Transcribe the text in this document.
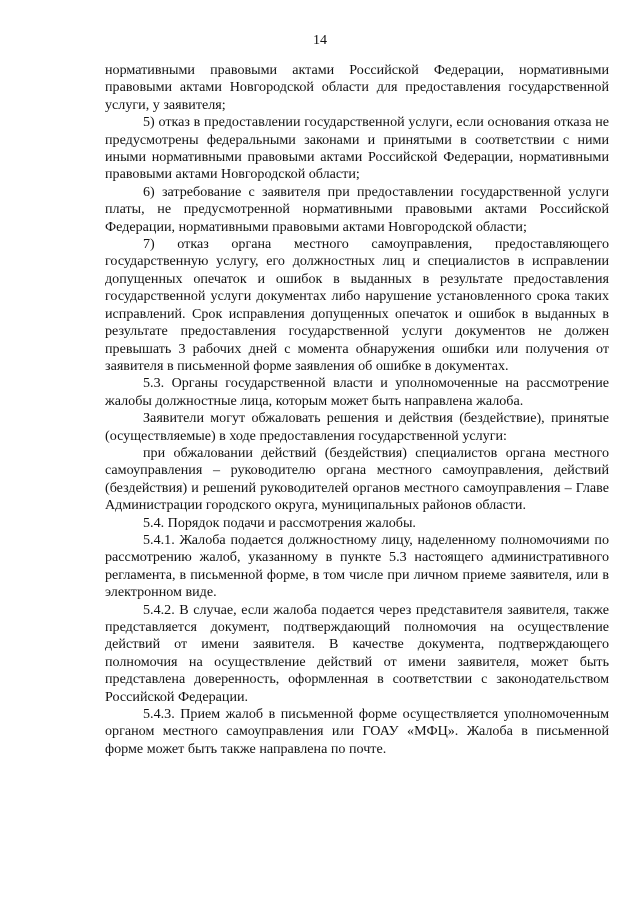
14

нормативными правовыми актами Российской Федерации, нормативными правовыми актами Новгородской области для предоставления государственной услуги, у заявителя;

5) отказ в предоставлении государственной услуги, если основания отказа не предусмотрены федеральными законами и принятыми в соответствии с ними иными нормативными правовыми актами Российской Федерации, нормативными правовыми актами Новгородской области;

6) затребование с заявителя при предоставлении государственной услуги платы, не предусмотренной нормативными правовыми актами Российской Федерации, нормативными правовыми актами Новгородской области;

7) отказ органа местного самоуправления, предоставляющего государственную услугу, его должностных лиц и специалистов в исправлении допущенных опечаток и ошибок в выданных в результате предоставления государственной услуги документах либо нарушение установленного срока таких исправлений. Срок исправления допущенных опечаток и ошибок в выданных в результате предоставления государственной услуги документов не должен превышать 3 рабочих дней с момента обнаружения ошибки или получения от заявителя в письменной форме заявления об ошибке в документах.

5.3. Органы государственной власти и уполномоченные на рассмотрение жалобы должностные лица, которым может быть направлена жалоба.

Заявители могут обжаловать решения и действия (бездействие), принятые (осуществляемые) в ходе предоставления государственной услуги:

при обжаловании действий (бездействия) специалистов органа местного самоуправления – руководителю органа местного самоуправления, действий (бездействия) и решений руководителей органов местного самоуправления – Главе Администрации городского округа, муниципальных районов области.

5.4. Порядок подачи и рассмотрения жалобы.

5.4.1. Жалоба подается должностному лицу, наделенному полномочиями по рассмотрению жалоб, указанному в пункте 5.3 настоящего административного регламента, в письменной форме, в том числе при личном приеме заявителя, или в электронном виде.

5.4.2. В случае, если жалоба подается через представителя заявителя, также представляется документ, подтверждающий полномочия на осуществление действий от имени заявителя. В качестве документа, подтверждающего полномочия на осуществление действий от имени заявителя, может быть представлена доверенность, оформленная в соответствии с законодательством Российской Федерации.

5.4.3. Прием жалоб в письменной форме осуществляется уполномоченным органом местного самоуправления или ГОАУ «МФЦ». Жалоба в письменной форме может быть также направлена по почте.
